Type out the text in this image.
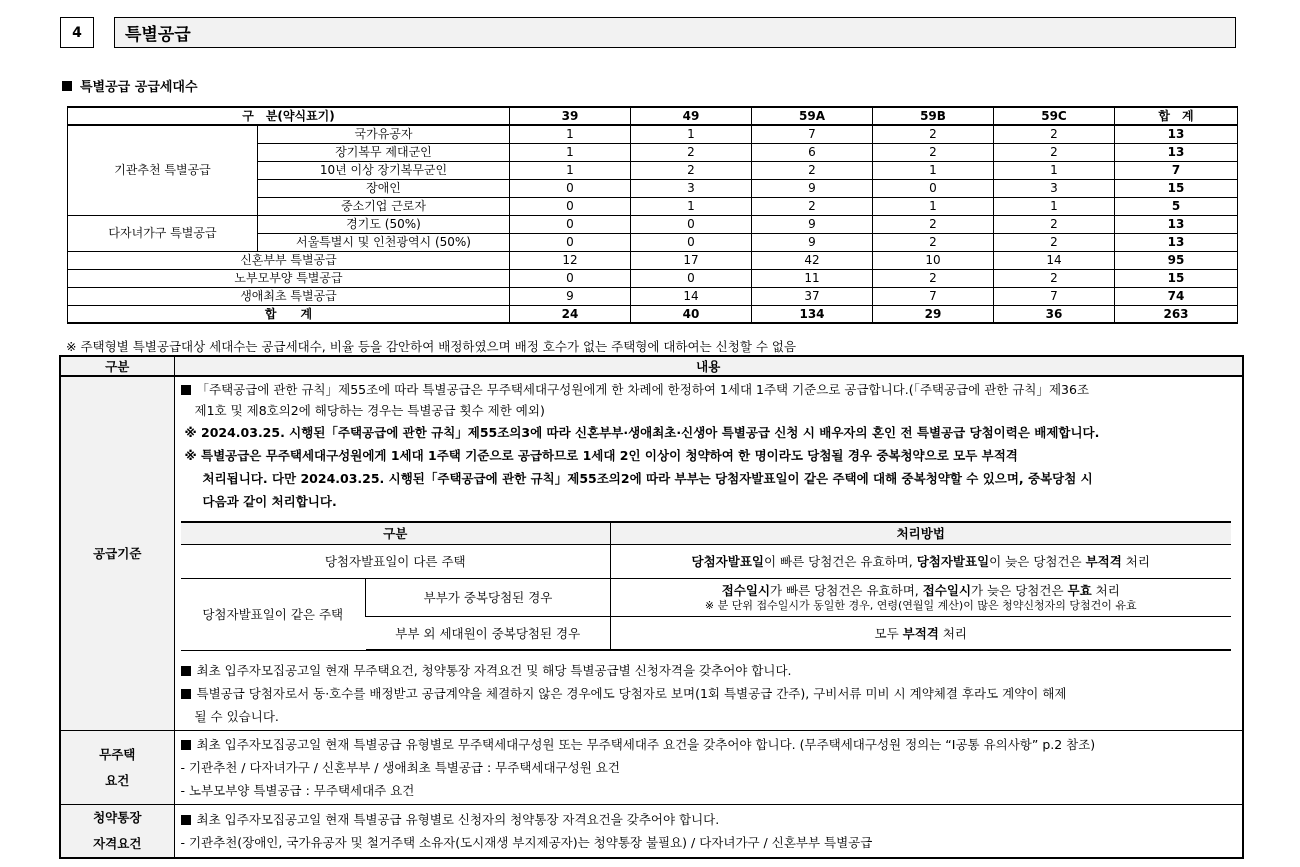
4	특별공급
특별공급 공급세대수
구　분(약식표기)		39	49	59A	59B	59C	합　계
기관추천 특별공급	국가유공자	1	1	7	2	2	13
	장기복무 제대군인	1	2	6	2	2	13
	10년 이상 장기복무군인	1	2	2	1	1	7
	장애인	0	3	9	0	3	15
	중소기업 근로자	0	1	2	1	1	5
다자녀가구 특별공급	경기도 (50%)	0	0	9	2	2	13
	서울특별시 및 인천광역시 (50%)	0	0	9	2	2	13
신혼부부 특별공급		12	17	42	10	14	95
노부모부양 특별공급		0	0	11	2	2	15
생애최초 특별공급		9	14	37	7	7	74
합　　계		24	40	134	29	36	263
※ 주택형별 특별공급대상 세대수는 공급세대수, 비율 등을 감안하여 배정하였으며 배정 호수가 없는 주택형에 대하여는 신청할 수 없음
구분	내용
공급기준	
「주택공급에 관한 규칙」제55조에 따라 특별공급은 무주택세대구성원에게 한 차례에 한정하여 1세대 1주택 기준으로 공급합니다.(「주택공급에 관한 규칙」제36조
제1호 및 제8호의2에 해당하는 경우는 특별공급 횟수 제한 예외)
※ 2024.03.25. 시행된「주택공급에 관한 규칙」제55조의3에 따라 신혼부부·생애최초·신생아 특별공급 신청 시 배우자의 혼인 전 특별공급 당첨이력은 배제합니다.
※ 특별공급은 무주택세대구성원에게 1세대 1주택 기준으로 공급하므로 1세대 2인 이상이 청약하여 한 명이라도 당첨될 경우 중복청약으로 모두 부적격
처리됩니다. 다만 2024.03.25. 시행된「주택공급에 관한 규칙」제55조의2에 따라 부부는 당첨자발표일이 같은 주택에 대해 중복청약할 수 있으며, 중복당첨 시
다음과 같이 처리합니다.
구분	처리방법
당첨자발표일이 다른 주택	당첨자발표일이 빠른 당첨건은 유효하며, 당첨자발표일이 늦은 당첨건은 부적격 처리
당첨자발표일이 같은 주택	부부가 중복당첨된 경우	접수일시가 빠른 당첨건은 유효하며, 접수일시가 늦은 당첨건은 무효 처리
※ 분 단위 접수일시가 동일한 경우, 연령(연월일 계산)이 많은 청약신청자의 당첨건이 유효

부부 외 세대원이 중복당첨된 경우	모두 부적격 처리
최초 입주자모집공고일 현재 무주택요건, 청약통장 자격요건 및 해당 특별공급별 신청자격을 갖추어야 합니다.
특별공급 당첨자로서 동·호수를 배정받고 공급계약을 체결하지 않은 경우에도 당첨자로 보며(1회 특별공급 간주), 구비서류 미비 시 계약체결 후라도 계약이 해제
될 수 있습니다.

무주택
요건

최초 입주자모집공고일 현재 특별공급 유형별로 무주택세대구성원 또는 무주택세대주 요건을 갖추어야 합니다. (무주택세대구성원 정의는 “Ⅰ공통 유의사항” p.2 참조)
- 기관추천 / 다자녀가구 / 신혼부부 / 생애최초 특별공급 : 무주택세대구성원 요건
- 노부모부양 특별공급 : 무주택세대주 요건

청약통장
자격요건

최초 입주자모집공고일 현재 특별공급 유형별로 신청자의 청약통장 자격요건을 갖추어야 합니다.
- 기관추천(장애인, 국가유공자 및 철거주택 소유자(도시재생 부지제공자)는 청약통장 불필요) / 다자녀가구 / 신혼부부 특별공급
